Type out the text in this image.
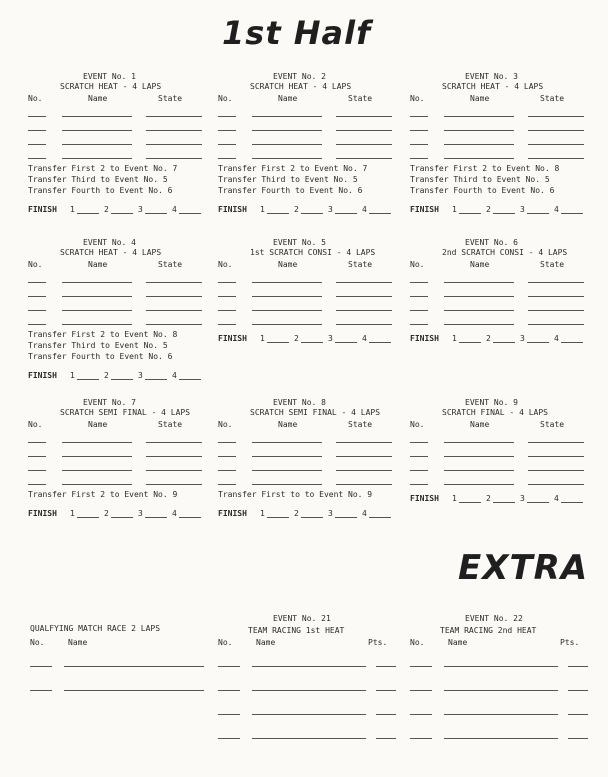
1st Half
EXTRA
EVENT No. 1
SCRATCH HEAT - 4 LAPS
No.	Name	State
Transfer First 2 to Event No. 7
Transfer Third to Event No. 5
Transfer Fourth to Event No. 6
FINISH 1	2	3	4
EVENT No. 2
SCRATCH HEAT - 4 LAPS
No.	Name	State
Transfer First 2 to Event No. 7
Transfer Third to Event No. 5
Transfer Fourth to Event No. 6
FINISH 1	2	3	4
EVENT No. 3
SCRATCH HEAT - 4 LAPS
No.	Name	State
Transfer First 2 to Event No. 8
Transfer Third to Event No. 5
Transfer Fourth to Event No. 6
FINISH 1	2	3	4
EVENT No. 4
SCRATCH HEAT - 4 LAPS
No.	Name	State
Transfer First 2 to Event No. 8
Transfer Third to Event No. 5
Transfer Fourth to Event No. 6
FINISH 1	2	3	4
EVENT No. 5
1st SCRATCH CONSI - 4 LAPS
No.	Name	State
FINISH 1	2	3	4
EVENT No. 6
2nd SCRATCH CONSI - 4 LAPS
No.	Name	State
FINISH 1	2	3	4
EVENT No. 7
SCRATCH SEMI FINAL - 4 LAPS
No.	Name	State
Transfer First 2 to Event No. 9
FINISH 1	2	3	4
EVENT No. 8
SCRATCH SEMI FINAL - 4 LAPS
No.	Name	State
Transfer First to to Event No. 9
FINISH 1	2	3	4
EVENT No. 9
SCRATCH FINAL - 4 LAPS
No.	Name	State
FINISH 1	2	3	4
QUALFYING MATCH RACE 2 LAPS
No.	Name
EVENT No. 21
TEAM RACING 1st HEAT
No.	Name	Pts.
EVENT No. 22
TEAM RACING 2nd HEAT
No.	Name	Pts.
